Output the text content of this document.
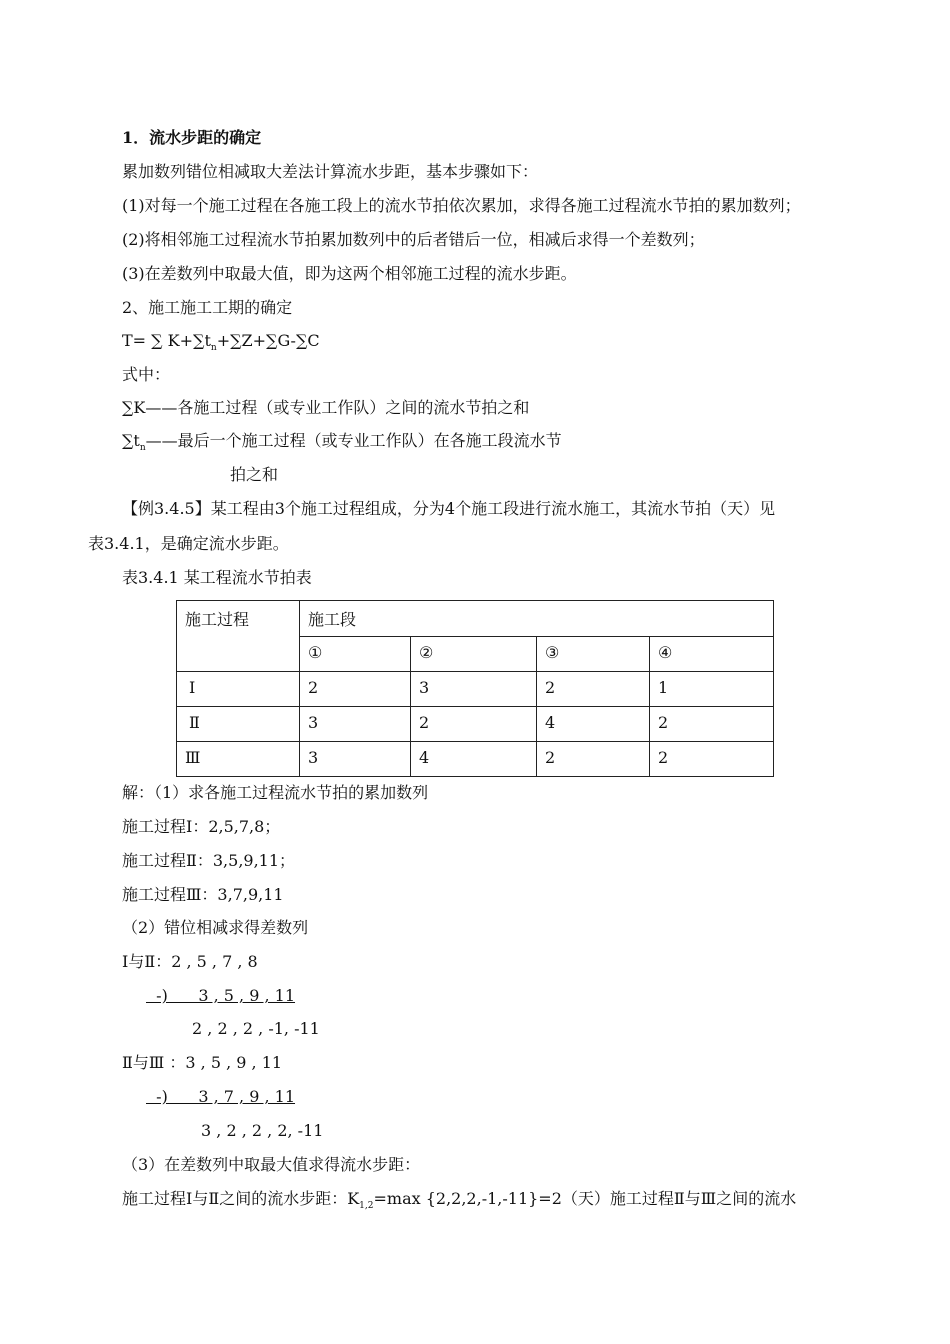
1．流水步距的确定
累加数列错位相减取大差法计算流水步距，基本步骤如下：
(1)对每一个施工过程在各施工段上的流水节拍依次累加，求得各施工过程流水节拍的累加数列；
(2)将相邻施工过程流水节拍累加数列中的后者错后一位，相减后求得一个差数列；
(3)在差数列中取最大值，即为这两个相邻施工过程的流水步距。
2、施工施工工期的确定
T= ∑ $K+\sum t_n+\sum Z+\sum G-\sum C$
式中：
∑K——各施工过程（或专业工作队）之间的流水节拍之和
$\sum t_n——$最后一个施工过程（或专业工作队）在各施工段流水节
拍之和
【例3.4.5】某工程由3个施工过程组成，分为4个施工段进行流水施工，其流水节拍（天）见
表3.4.1，是确定流水步距。
表3.4.1 某工程流水节拍表
施工过程	施工段			
	①	②	③	④
Ⅰ	2	3	2	1
Ⅱ	3	2	4	2
Ⅲ	3	4	2	2
解：（1）求各施工过程流水节拍的累加数列
施工过程Ⅰ：2,5,7,8；
施工过程Ⅱ：3,5,9,11；
施工过程Ⅲ：3,7,9,11
（2）错位相减求得差数列
Ⅰ与Ⅱ：2 , 5 , 7 , 8
-)      3 , 5 , 9 , 11
2 , 2 , 2 , -1, -11
Ⅱ与Ⅲ ：3 , 5 , 9 , 11
-)      3 , 7 , 9 , 11
3 , 2 , 2 , 2, -11
（3）在差数列中取最大值求得流水步距：
施工过程Ⅰ与Ⅱ之间的流水步距：$K_{1,2}=\max$ {2,2,2,-1,-11}=2（天）施工过程Ⅱ与Ⅲ之间的流水
